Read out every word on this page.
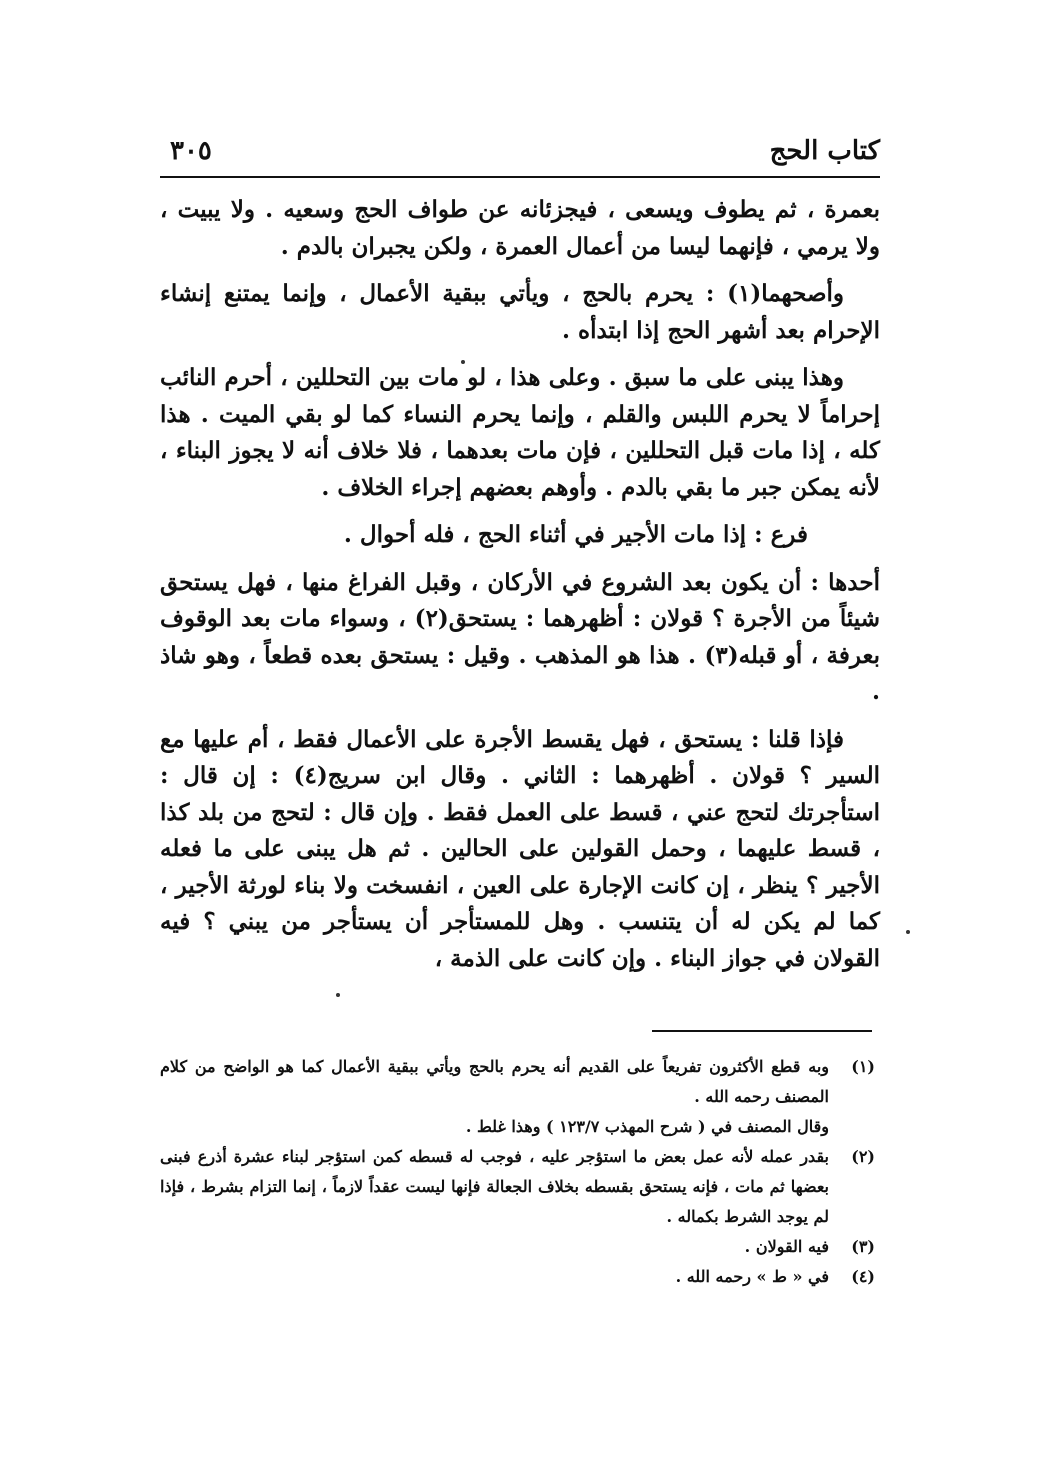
كتاب الحج
٣٠٥

بعمرة ، ثم يطوف ويسعى ، فيجزئانه عن طواف الحج وسعيه . ولا يبيت ، ولا يرمي ، فإنهما ليسا من أعمال العمرة ، ولكن يجبران بالدم .

وأصحهما(١) : يحرم بالحج ، ويأتي ببقية الأعمال ، وإنما يمتنع إنشاء الإحرام بعد أشهر الحج إذا ابتدأه .

وهذا يبنى على ما سبق . وعلى هذا ، لو مات بين التحللين ، أحرم النائب إحراماً لا يحرم اللبس والقلم ، وإنما يحرم النساء كما لو بقي الميت . هذا كله ، إذا مات قبل التحللين ، فإن مات بعدهما ، فلا خلاف أنه لا يجوز البناء ، لأنه يمكن جبر ما بقي بالدم . وأوهم بعضهم إجراء الخلاف .

فرع : إذا مات الأجير في أثناء الحج ، فله أحوال .

أحدها : أن يكون بعد الشروع في الأركان ، وقبل الفراغ منها ، فهل يستحق شيئاً من الأجرة ؟ قولان : أظهرهما : يستحق(٢) ، وسواء مات بعد الوقوف بعرفة ، أو قبله(٣) . هذا هو المذهب . وقيل : يستحق بعده قطعاً ، وهو شاذ .

فإذا قلنا : يستحق ، فهل يقسط الأجرة على الأعمال فقط ، أم عليها مع السير ؟ قولان . أظهرهما : الثاني . وقال ابن سريج(٤) : إن قال : استأجرتك لتحج عني ، قسط على العمل فقط . وإن قال : لتحج من بلد كذا ، قسط عليهما ، وحمل القولين على الحالين . ثم هل يبنى على ما فعله الأجير ؟ ينظر ، إن كانت الإجارة على العين ، انفسخت ولا بناء لورثة الأجير ، كما لم يكن له أن يتنسب . وهل للمستأجر أن يستأجر من يبني ؟ فيه القولان في جواز البناء . وإن كانت على الذمة ،

(١)
وبه قطع الأكثرون تفريعاً على القديم أنه يحرم بالحج ويأتي ببقية الأعمال كما هو الواضح من كلام المصنف رحمه الله .
وقال المصنف في ( شرح المهذب ١٢٣/٧ ) وهذا غلط .
(٢)
بقدر عمله لأنه عمل بعض ما استؤجر عليه ، فوجب له قسطه كمن استؤجر لبناء عشرة أذرع فبنى بعضها ثم مات ، فإنه يستحق بقسطه بخلاف الجعالة فإنها ليست عقداً لازماً ، إنما التزام بشرط ، فإذا لم يوجد الشرط بكماله .
(٣)
فيه القولان .
(٤)
في « ط » رحمه الله .
